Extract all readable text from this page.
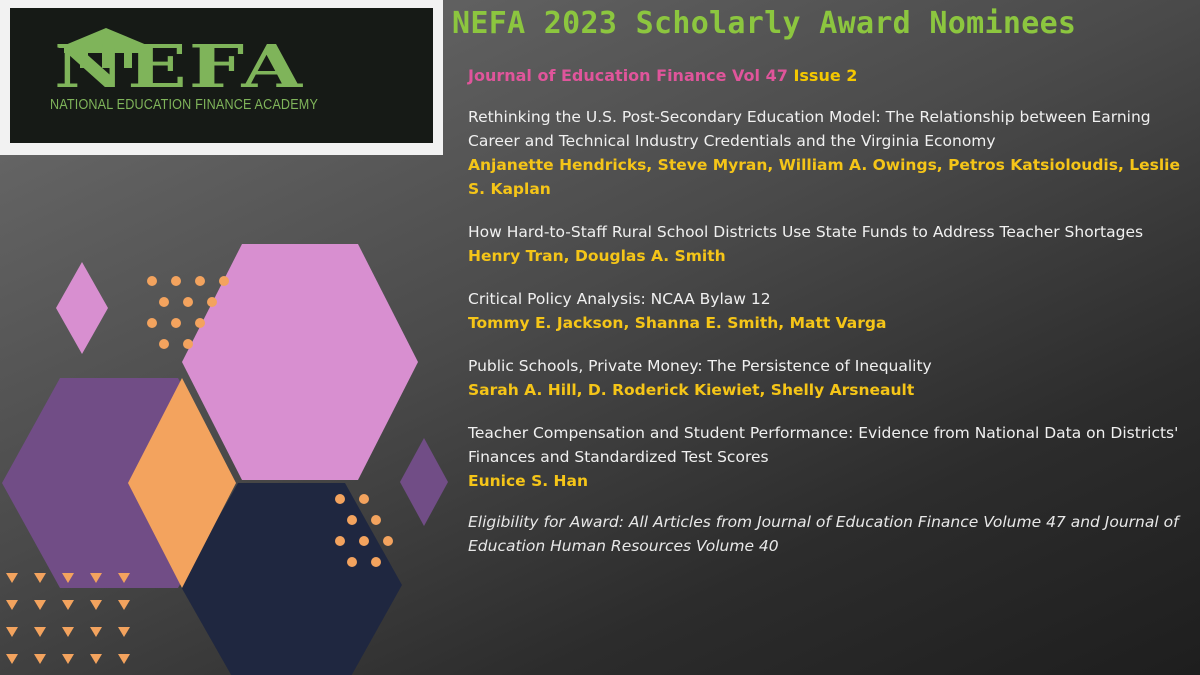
NEFA
NATIONAL EDUCATION FINANCE ACADEMY
NEFA 2023 Scholarly Award Nominees
Journal of Education Finance Vol 47 Issue 2
Rethinking the U.S. Post-Secondary Education Model: The Relationship between Earning Career and Technical Industry Credentials and the Virginia Economy
Anjanette Hendricks, Steve Myran, William A. Owings, Petros Katsioloudis, Leslie S. Kaplan
How Hard-to-Staff Rural School Districts Use State Funds to Address Teacher Shortages
Henry Tran, Douglas A. Smith
Critical Policy Analysis: NCAA Bylaw 12
Tommy E. Jackson, Shanna E. Smith, Matt Varga
Public Schools, Private Money: The Persistence of Inequality
Sarah A. Hill, D. Roderick Kiewiet, Shelly Arsneault
Teacher Compensation and Student Performance: Evidence from National Data on Districts' Finances and Standardized Test Scores
Eunice S. Han
Eligibility for Award: All Articles from Journal of Education Finance Volume 47 and Journal of Education Human Resources Volume 40
